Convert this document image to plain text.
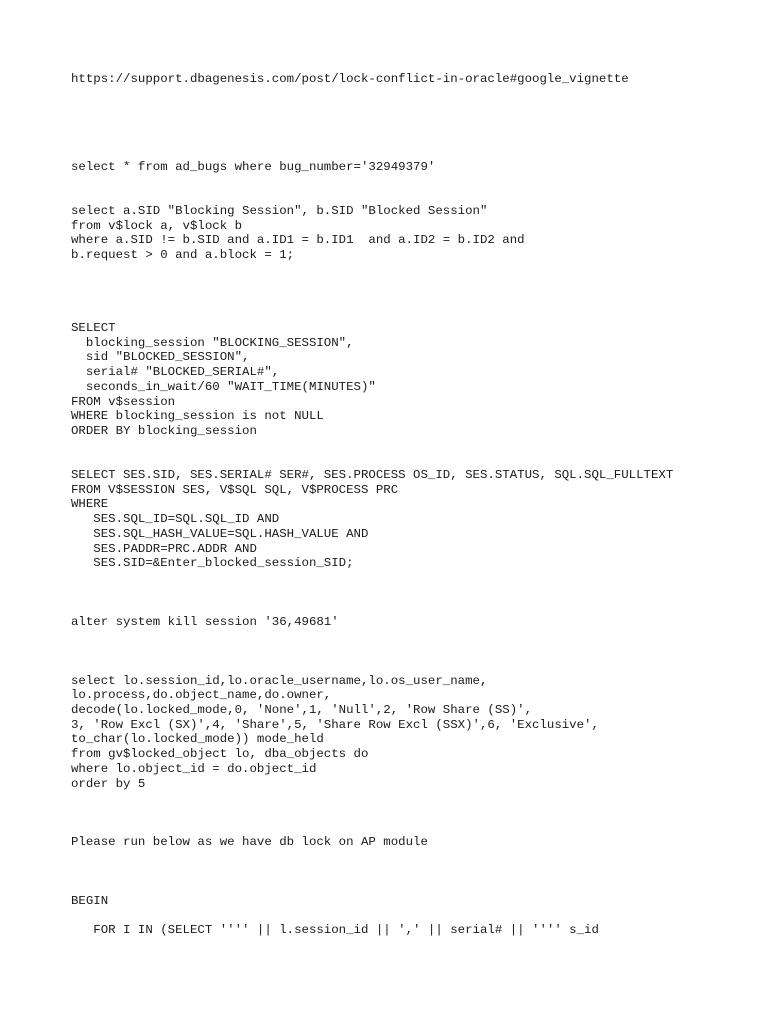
https://support.dbagenesis.com/post/lock-conflict-in-oracle#google_vignette

select * from ad_bugs where bug_number='32949379'

select a.SID "Blocking Session", b.SID "Blocked Session"

from v$lock a, v$lock b

where a.SID != b.SID and a.ID1 = b.ID1  and a.ID2 = b.ID2 and

b.request > 0 and a.block = 1;

SELECT

blocking_session "BLOCKING_SESSION",

sid "BLOCKED_SESSION",

serial# "BLOCKED_SERIAL#",

seconds_in_wait/60 "WAIT_TIME(MINUTES)"

FROM v$session

WHERE blocking_session is not NULL

ORDER BY blocking_session

SELECT SES.SID, SES.SERIAL# SER#, SES.PROCESS OS_ID, SES.STATUS, SQL.SQL_FULLTEXT

FROM V$SESSION SES, V$SQL SQL, V$PROCESS PRC

WHERE

SES.SQL_ID=SQL.SQL_ID AND

SES.SQL_HASH_VALUE=SQL.HASH_VALUE AND

SES.PADDR=PRC.ADDR AND

SES.SID=&Enter_blocked_session_SID;

alter system kill session '36,49681'

select lo.session_id,lo.oracle_username,lo.os_user_name,

lo.process,do.object_name,do.owner,

decode(lo.locked_mode,0, 'None',1, 'Null',2, 'Row Share (SS)',

3, 'Row Excl (SX)',4, 'Share',5, 'Share Row Excl (SSX)',6, 'Exclusive',

to_char(lo.locked_mode)) mode_held

from gv$locked_object lo, dba_objects do

where lo.object_id = do.object_id

order by 5

Please run below as we have db lock on AP module

BEGIN

FOR I IN (SELECT '''' || l.session_id || ',' || serial# || '''' s_id
